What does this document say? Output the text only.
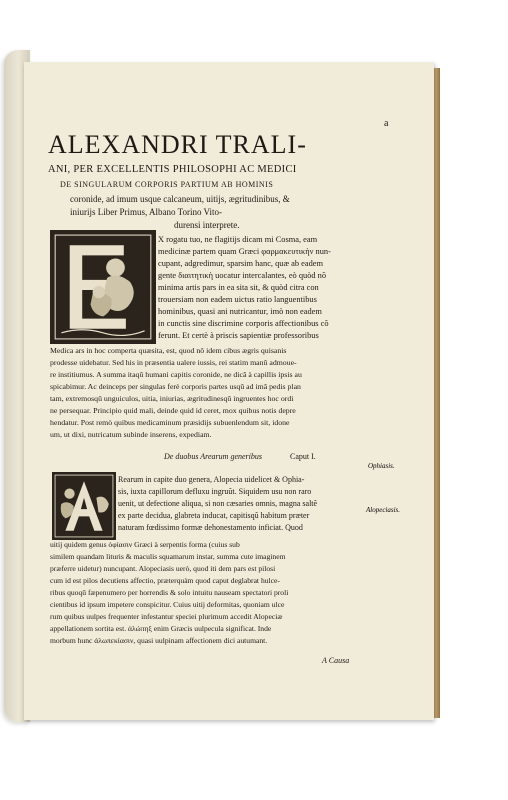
a
ALEXANDRI TRALI-

ANI, PER EXCELLENTIS PHILOSOPHI AC MEDICI

DE SINGULARUM CORPORIS PARTIUM AB HOMINIS

coronide, ad imum usque calcaneum, uitijs, ægritudinibus, &

iniurijs Liber Primus, Albano Torino Vito-

durensi interprete.

X rogatu tuo, ne flagitijs dicam mi Cosma, eam

medicinæ partem quam Græci φαρμακευτικὴν nun-

cupant, adgredimur, sparsim hanc, quæ ab eadem

gente διαιτητικὴ uocatur intercalantes, eò quòd nõ

minima artis pars in ea sita sit, & quòd citra con

trouersiam non eadem uictus ratio languentibus

hominibus, quasi ani nutricantur, imò non eadem

in cunctis sine discrimine corporis affectionibus cõ

ferunt. Et certè à priscis sapientiæ professoribus

Medica ars in hoc comperta quæsita, est, quod nõ idem cibus ægris quisanis

prodesse uidebatur. Sed his in præsentia ualere iussis, rei statim manũ admoue-

re institiumus. A summa itaqũ humani capitis coronide, ne dicã à capillis ipsis au

spicabimur. Ac deinceps per singulas ferè corporis partes usqũ ad imã pedis plan

tam, extremosqũ unguiculos, uitia, iniurias, ægritudinesqũ ingruentes hoc ordi

ne persequar. Principio quid mali, deinde quid id ceret, mox quibus notis depre

hendatur. Post remò quibus medicaminum præsidijs subuenlendum sit, idone

um, ut dixi, nutricatum subinde inserens, expediam.

De duobus Arearum generibus	Caput I.

Rearum in capite duo genera, Alopecia uidelicet & Ophia-

sis, iuxta capillorum defluxu ingruũt. Siquidem usu non raro

uenit, ut defectione aliqua, si non cæsaries omnis, magna saltẽ

ex parte decidua, glabreta inducat, capitisqũ habitum præter

naturam fœdissimo formæ dehonestamento inficiat. Quod

uitij quidem genus ὀφίασιν Græci à serpentis forma (cuius sub

similem quandam lituris & maculis squamarum instar, summa cute imaginem

præferre uidetur) nuncupant. Alopeciasis uerò, quod iti dem pars est pilosi

cum id est pilos decutiens affectio, præterquàm quod caput deglabrat hulce-

ribus quoqũ fæpenumero per horrendis & solo intuitu nauseam spectatori proli

cientibus id ipsum impetere conspicitur. Cuius uitij deformitas, quoniam ulce

rum quibus uulpes frequenter infestantur speciei plurimum accedit Alopeciæ

appellationem sortita est. ἀλώπηξ enim Græcis uulpecula significat. Inde

morbum hunc ἀλωπεκίασιν, quasi uulpinam affectionem dici autumant.

A Causa
Ophiasis.
Alopeciasis.
